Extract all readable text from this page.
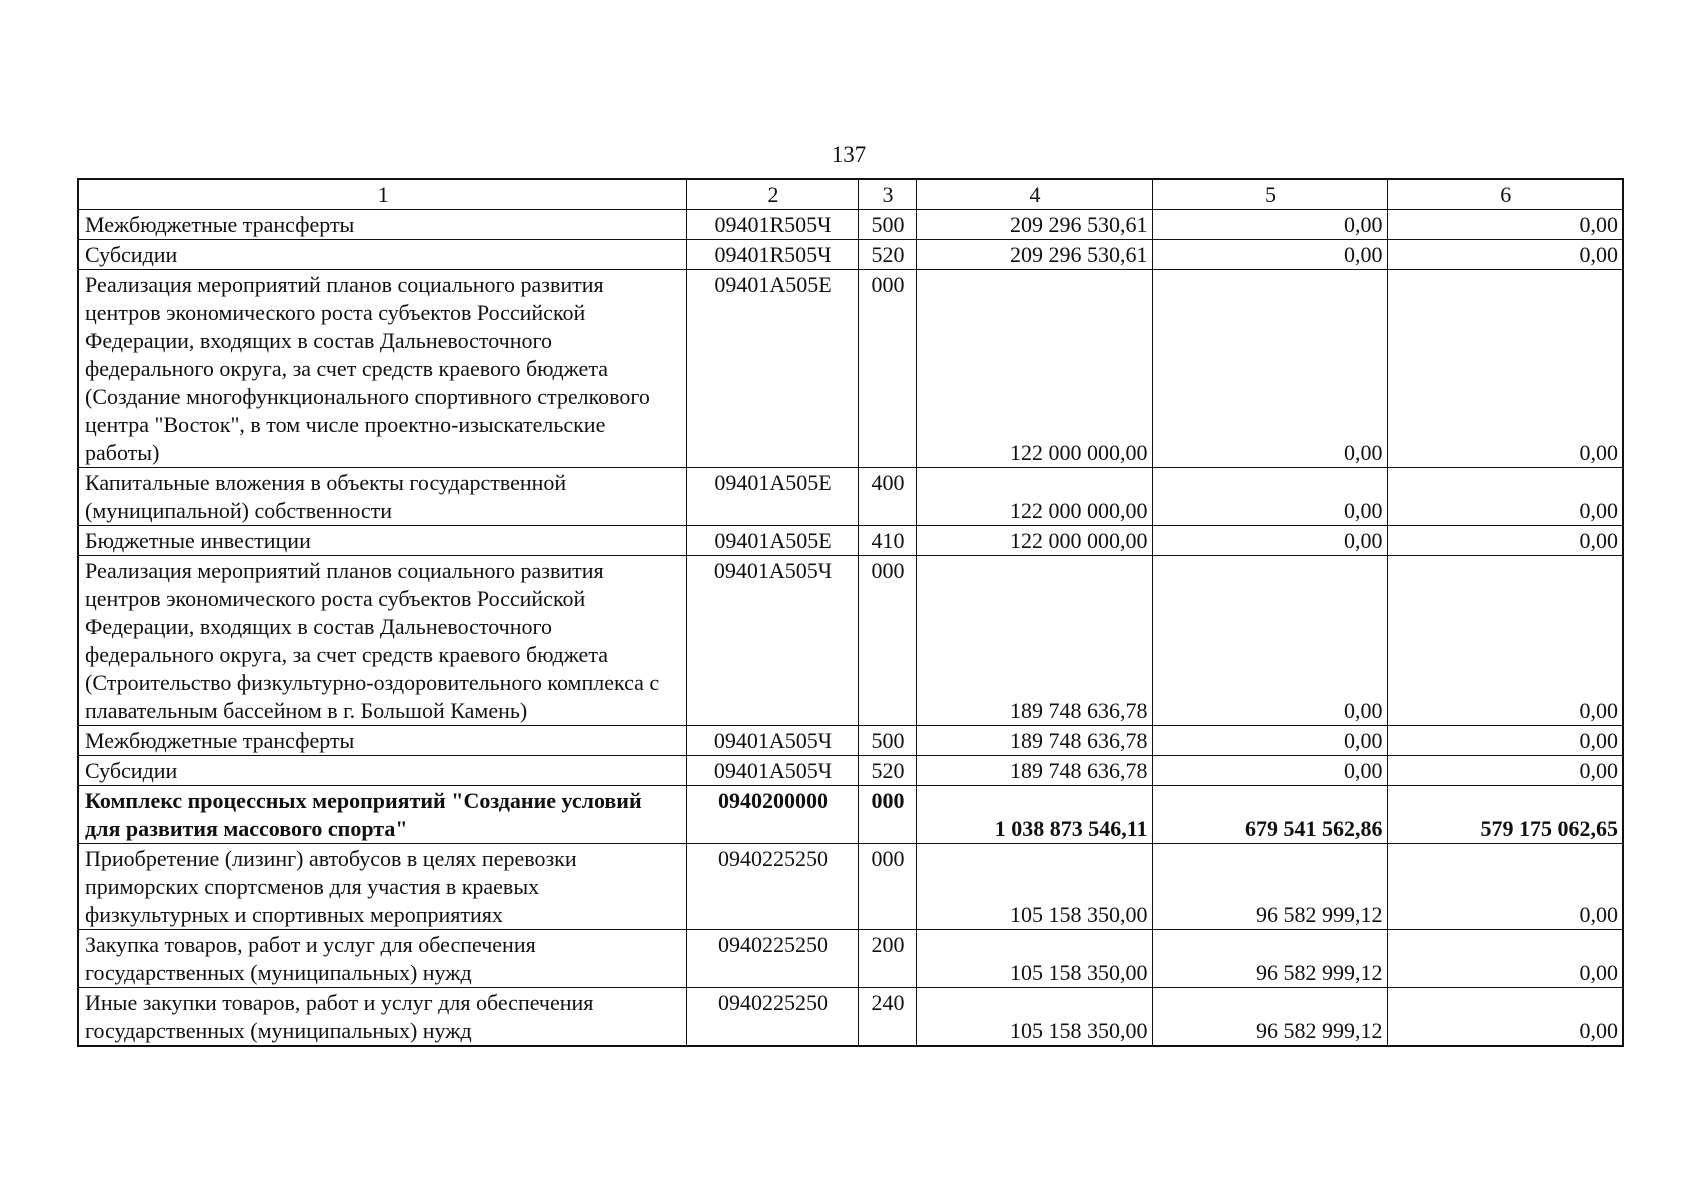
137
1	2	3	4	5	6
Межбюджетные трансферты	09401R505Ч	500	209 296 530,61	0,00	0,00
Субсидии	09401R505Ч	520	209 296 530,61	0,00	0,00
Реализация мероприятий планов социального развития центров экономического роста субъектов Российской Федерации, входящих в состав Дальневосточного федерального округа, за счет средств краевого бюджета (Создание многофункционального спортивного стрелкового центра "Восток", в том числе проектно-изыскательские работы)	09401А505Е	000	122 000 000,00	0,00	0,00
Капитальные вложения в объекты государственной (муниципальной) собственности	09401А505Е	400	122 000 000,00	0,00	0,00
Бюджетные инвестиции	09401А505Е	410	122 000 000,00	0,00	0,00
Реализация мероприятий планов социального развития центров экономического роста субъектов Российской Федерации, входящих в состав Дальневосточного федерального округа, за счет средств краевого бюджета (Строительство физкультурно-оздоровительного комплекса с плавательным бассейном в г. Большой Камень)	09401А505Ч	000	189 748 636,78	0,00	0,00
Межбюджетные трансферты	09401А505Ч	500	189 748 636,78	0,00	0,00
Субсидии	09401А505Ч	520	189 748 636,78	0,00	0,00
Комплекс процессных мероприятий "Создание условий для развития массового спорта"	0940200000	000	1 038 873 546,11	679 541 562,86	579 175 062,65
Приобретение (лизинг) автобусов в целях перевозки приморских спортсменов для участия в краевых физкультурных и спортивных мероприятиях	0940225250	000	105 158 350,00	96 582 999,12	0,00
Закупка товаров, работ и услуг для обеспечения государственных (муниципальных) нужд	0940225250	200	105 158 350,00	96 582 999,12	0,00
Иные закупки товаров, работ и услуг для обеспечения государственных (муниципальных) нужд	0940225250	240	105 158 350,00	96 582 999,12	0,00
